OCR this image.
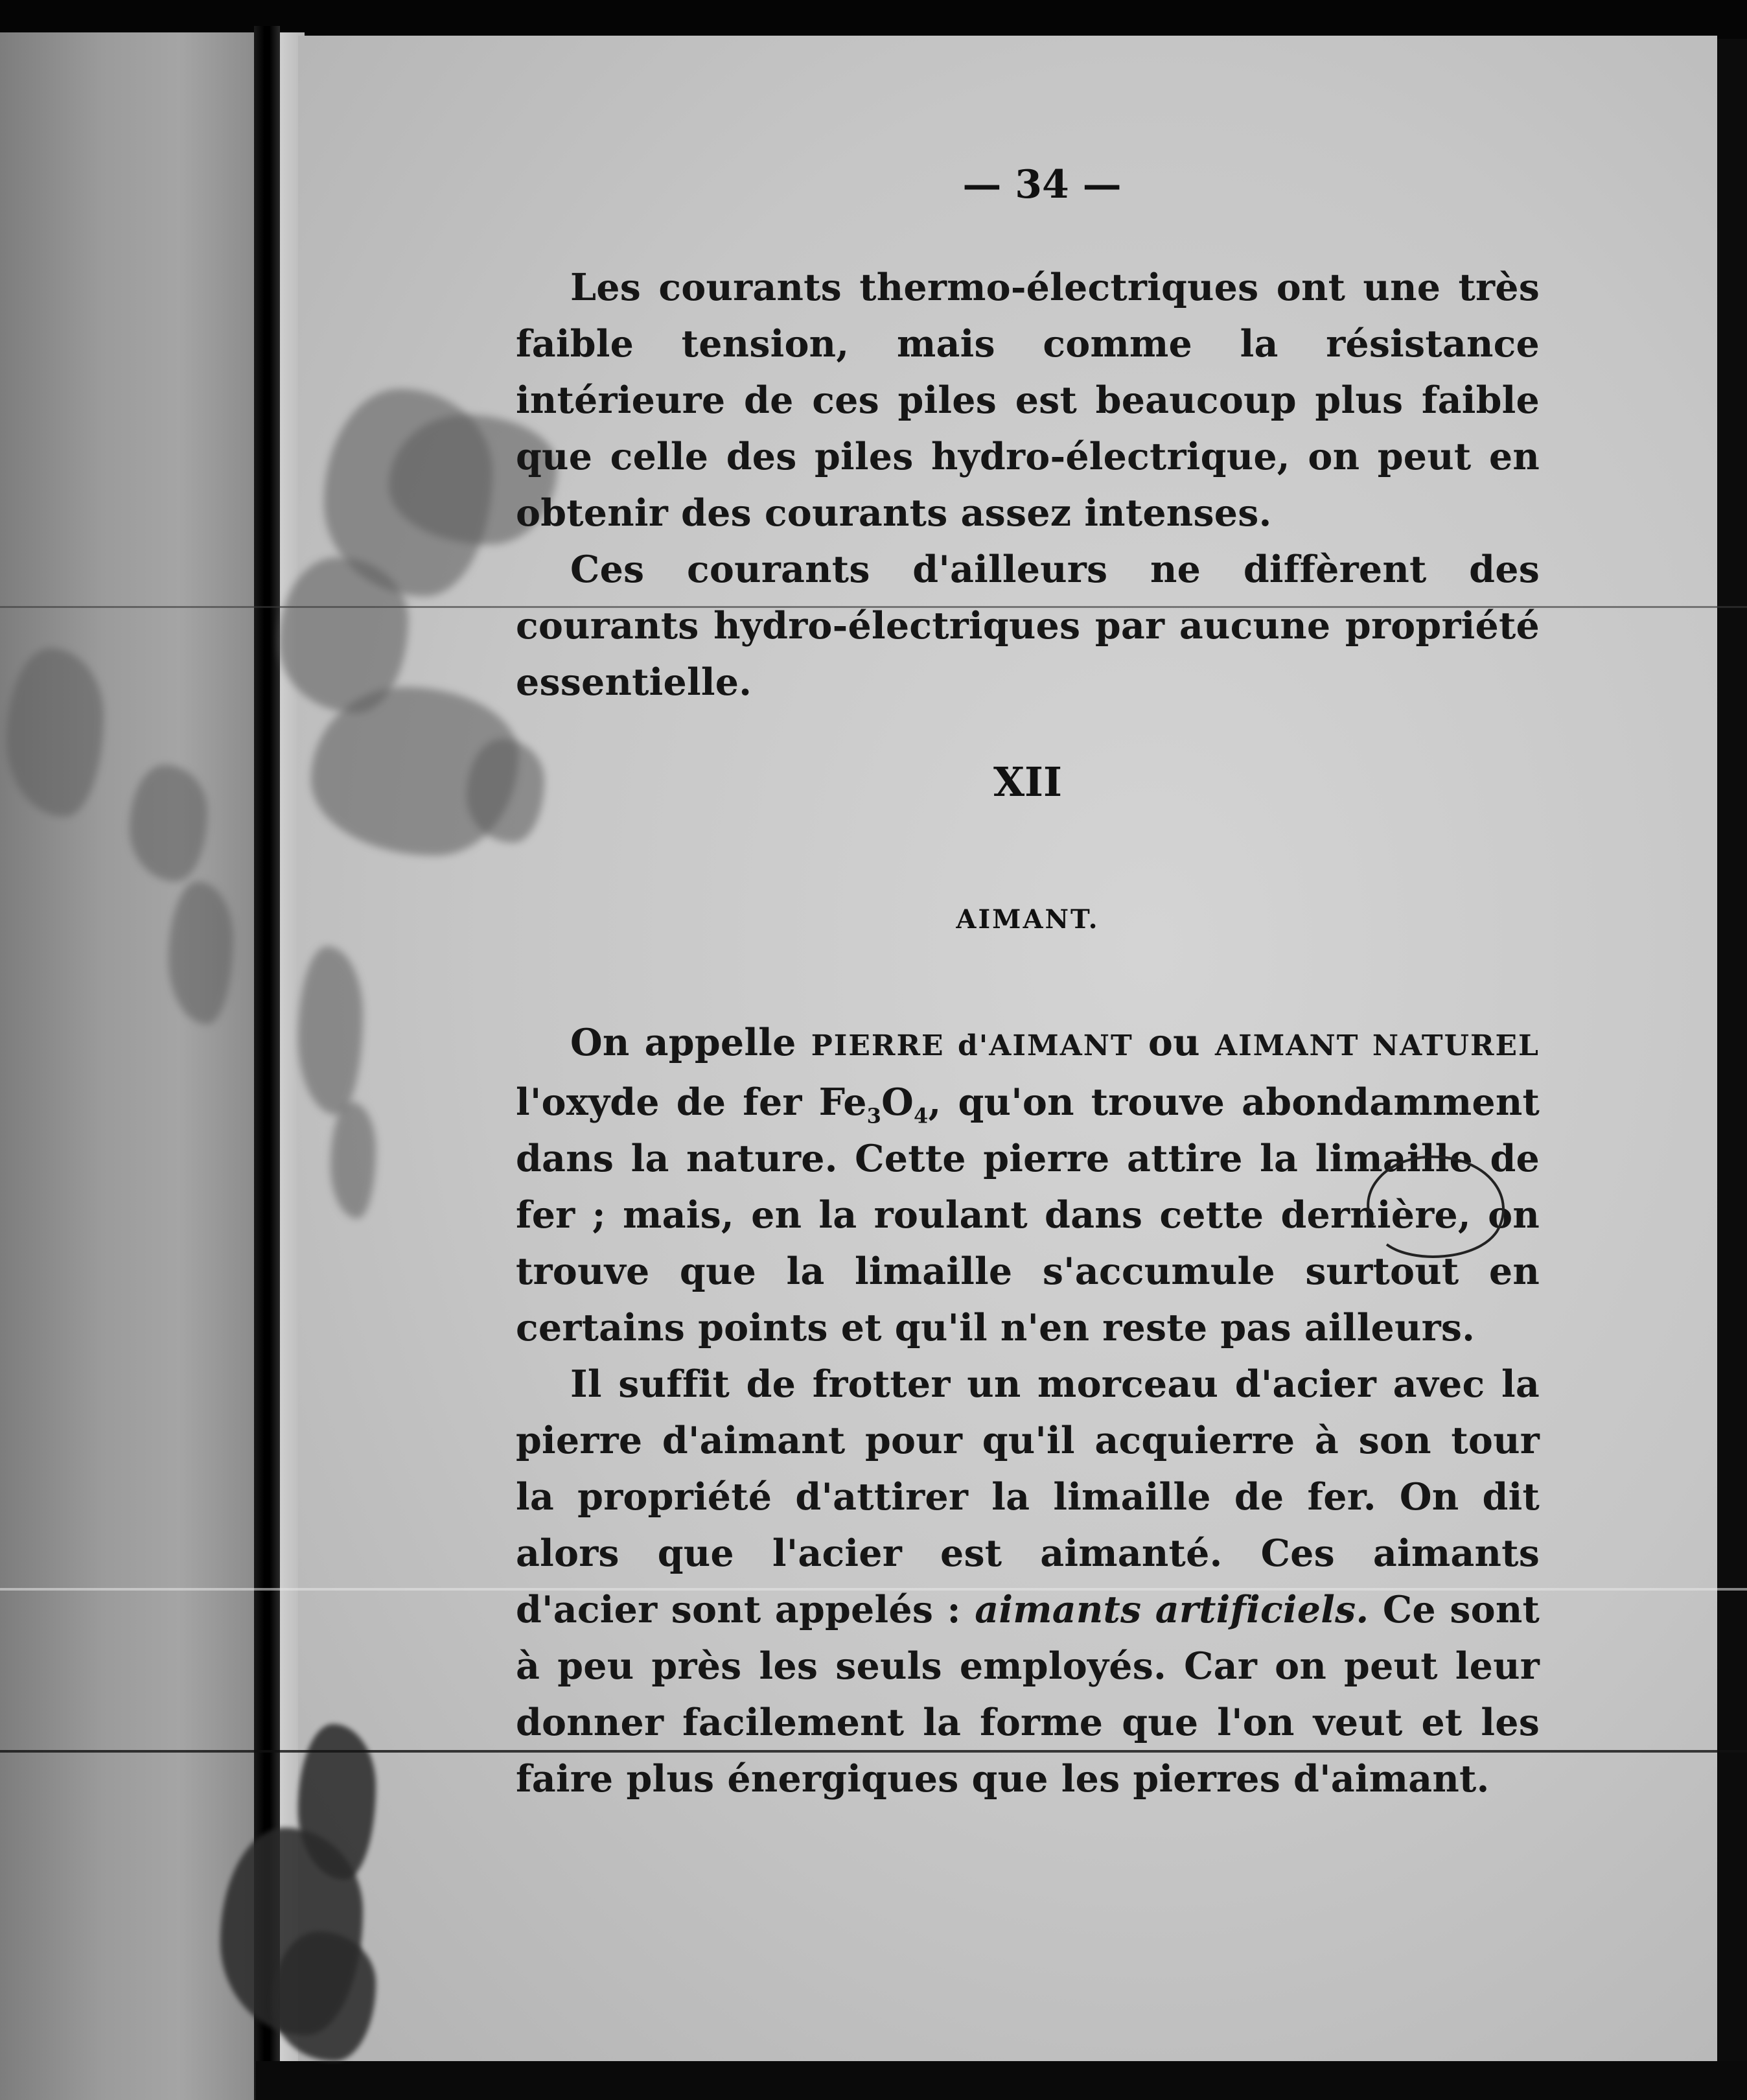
— 34 —

Les courants thermo-électriques ont une très faible tension, mais comme la résistance intérieure de ces piles est beaucoup plus faible que celle des piles hydro-électrique, on peut en obtenir des courants assez intenses.

Ces courants d'ailleurs ne diffèrent des courants hydro-électriques par aucune propriété essentielle.

XII
AIMANT.

On appelle PIERRE d'AIMANT ou AIMANT NATUREL l'oxyde de fer $Fe_3O_4$, qu'on trouve abondamment dans la nature. Cette pierre attire la limaille de fer ; mais, en la roulant dans cette dernière, on trouve que la limaille s'accumule surtout en certains points et qu'il n'en reste pas ailleurs.

Il suffit de frotter un morceau d'acier avec la pierre d'aimant pour qu'il acquierre à son tour la propriété d'attirer la limaille de fer. On dit alors que l'acier est aimanté. Ces aimants d'acier sont appelés : aimants artificiels. Ce sont à peu près les seuls employés. Car on peut leur donner facilement la forme que l'on veut et les faire plus énergiques que les pierres d'aimant.
